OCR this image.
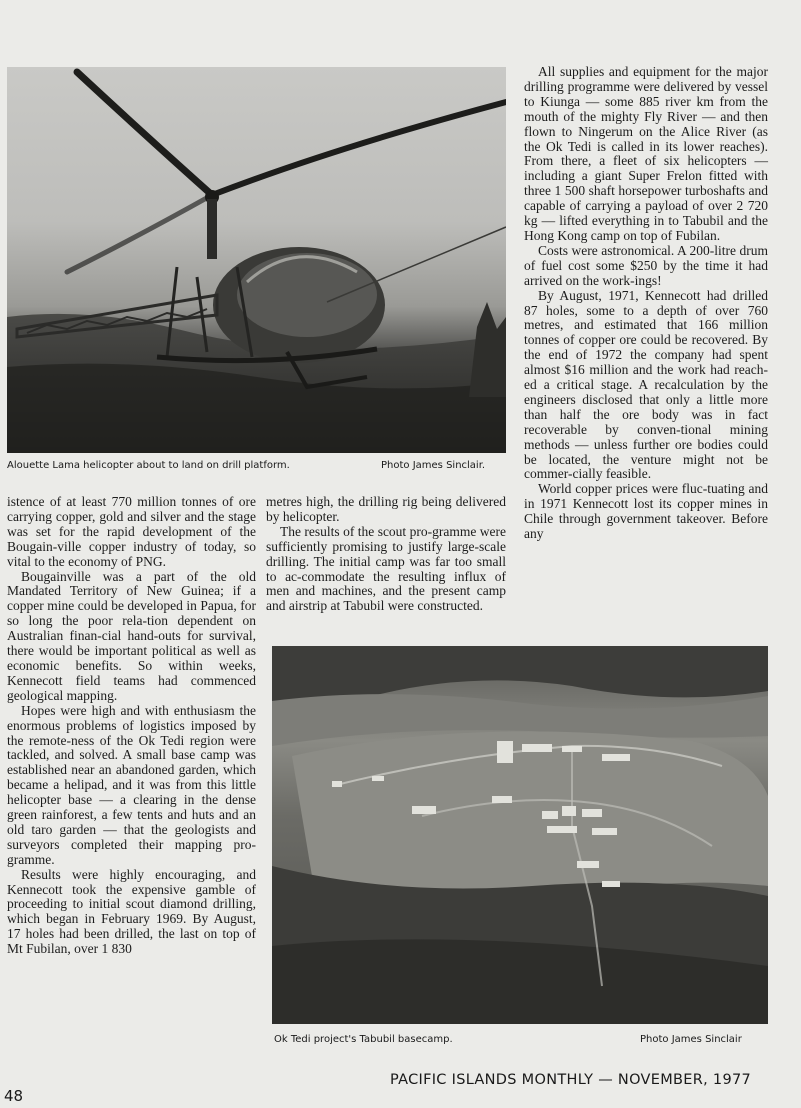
Alouette Lama helicopter about to land on drill platform.	Photo James Sinclair.

All supplies and equipment for the major drilling programme were delivered by vessel to Kiunga — some 885 river km from the mouth of the mighty Fly River — and then flown to Ningerum on the Alice River (as the Ok Tedi is called in its lower reaches). From there, a fleet of six helicopters — including a giant Super Frelon fitted with three 1 500 shaft horsepower turboshafts and capable of carrying a payload of over 2 720 kg — lifted everything in to Tabubil and the Hong Kong camp on top of Fubilan.

Costs were astronomical. A 200-litre drum of fuel cost some $250 by the time it had arrived on the work-ings!

By August, 1971, Kennecott had drilled 87 holes, some to a depth of over 760 metres, and estimated that 166 million tonnes of copper ore could be recovered. By the end of 1972 the company had spent almost $16 million and the work had reach-ed a critical stage. A recalculation by the engineers disclosed that only a little more than half the ore body was in fact recoverable by conven-tional mining methods — unless further ore bodies could be located, the venture might not be commer-cially feasible.

World copper prices were fluc-tuating and in 1971 Kennecott lost its copper mines in Chile through government takeover. Before any

istence of at least 770 million tonnes of ore carrying copper, gold and silver and the stage was set for the rapid development of the Bougain-ville copper industry of today, so vital to the economy of PNG.

Bougainville was a part of the old Mandated Territory of New Guinea; if a copper mine could be developed in Papua, for so long the poor rela-tion dependent on Australian finan-cial hand-outs for survival, there would be important political as well as economic benefits. So within weeks, Kennecott field teams had commenced geological mapping.

Hopes were high and with enthusiasm the enormous problems of logistics imposed by the remote-ness of the Ok Tedi region were tackled, and solved. A small base camp was established near an abandoned garden, which became a helipad, and it was from this little helicopter base — a clearing in the dense green rainforest, a few tents and huts and an old taro garden — that the geologists and surveyors completed their mapping pro-gramme.

Results were highly encouraging, and Kennecott took the expensive gamble of proceeding to initial scout diamond drilling, which began in February 1969. By August, 17 holes had been drilled, the last on top of Mt Fubilan, over 1 830

metres high, the drilling rig being delivered by helicopter.

The results of the scout pro-gramme were sufficiently promising to justify large-scale drilling. The initial camp was far too small to ac-commodate the resulting influx of men and machines, and the present camp and airstrip at Tabubil were constructed.

Ok Tedi project's Tabubil basecamp.	Photo James Sinclair
48
PACIFIC ISLANDS MONTHLY — NOVEMBER, 1977
